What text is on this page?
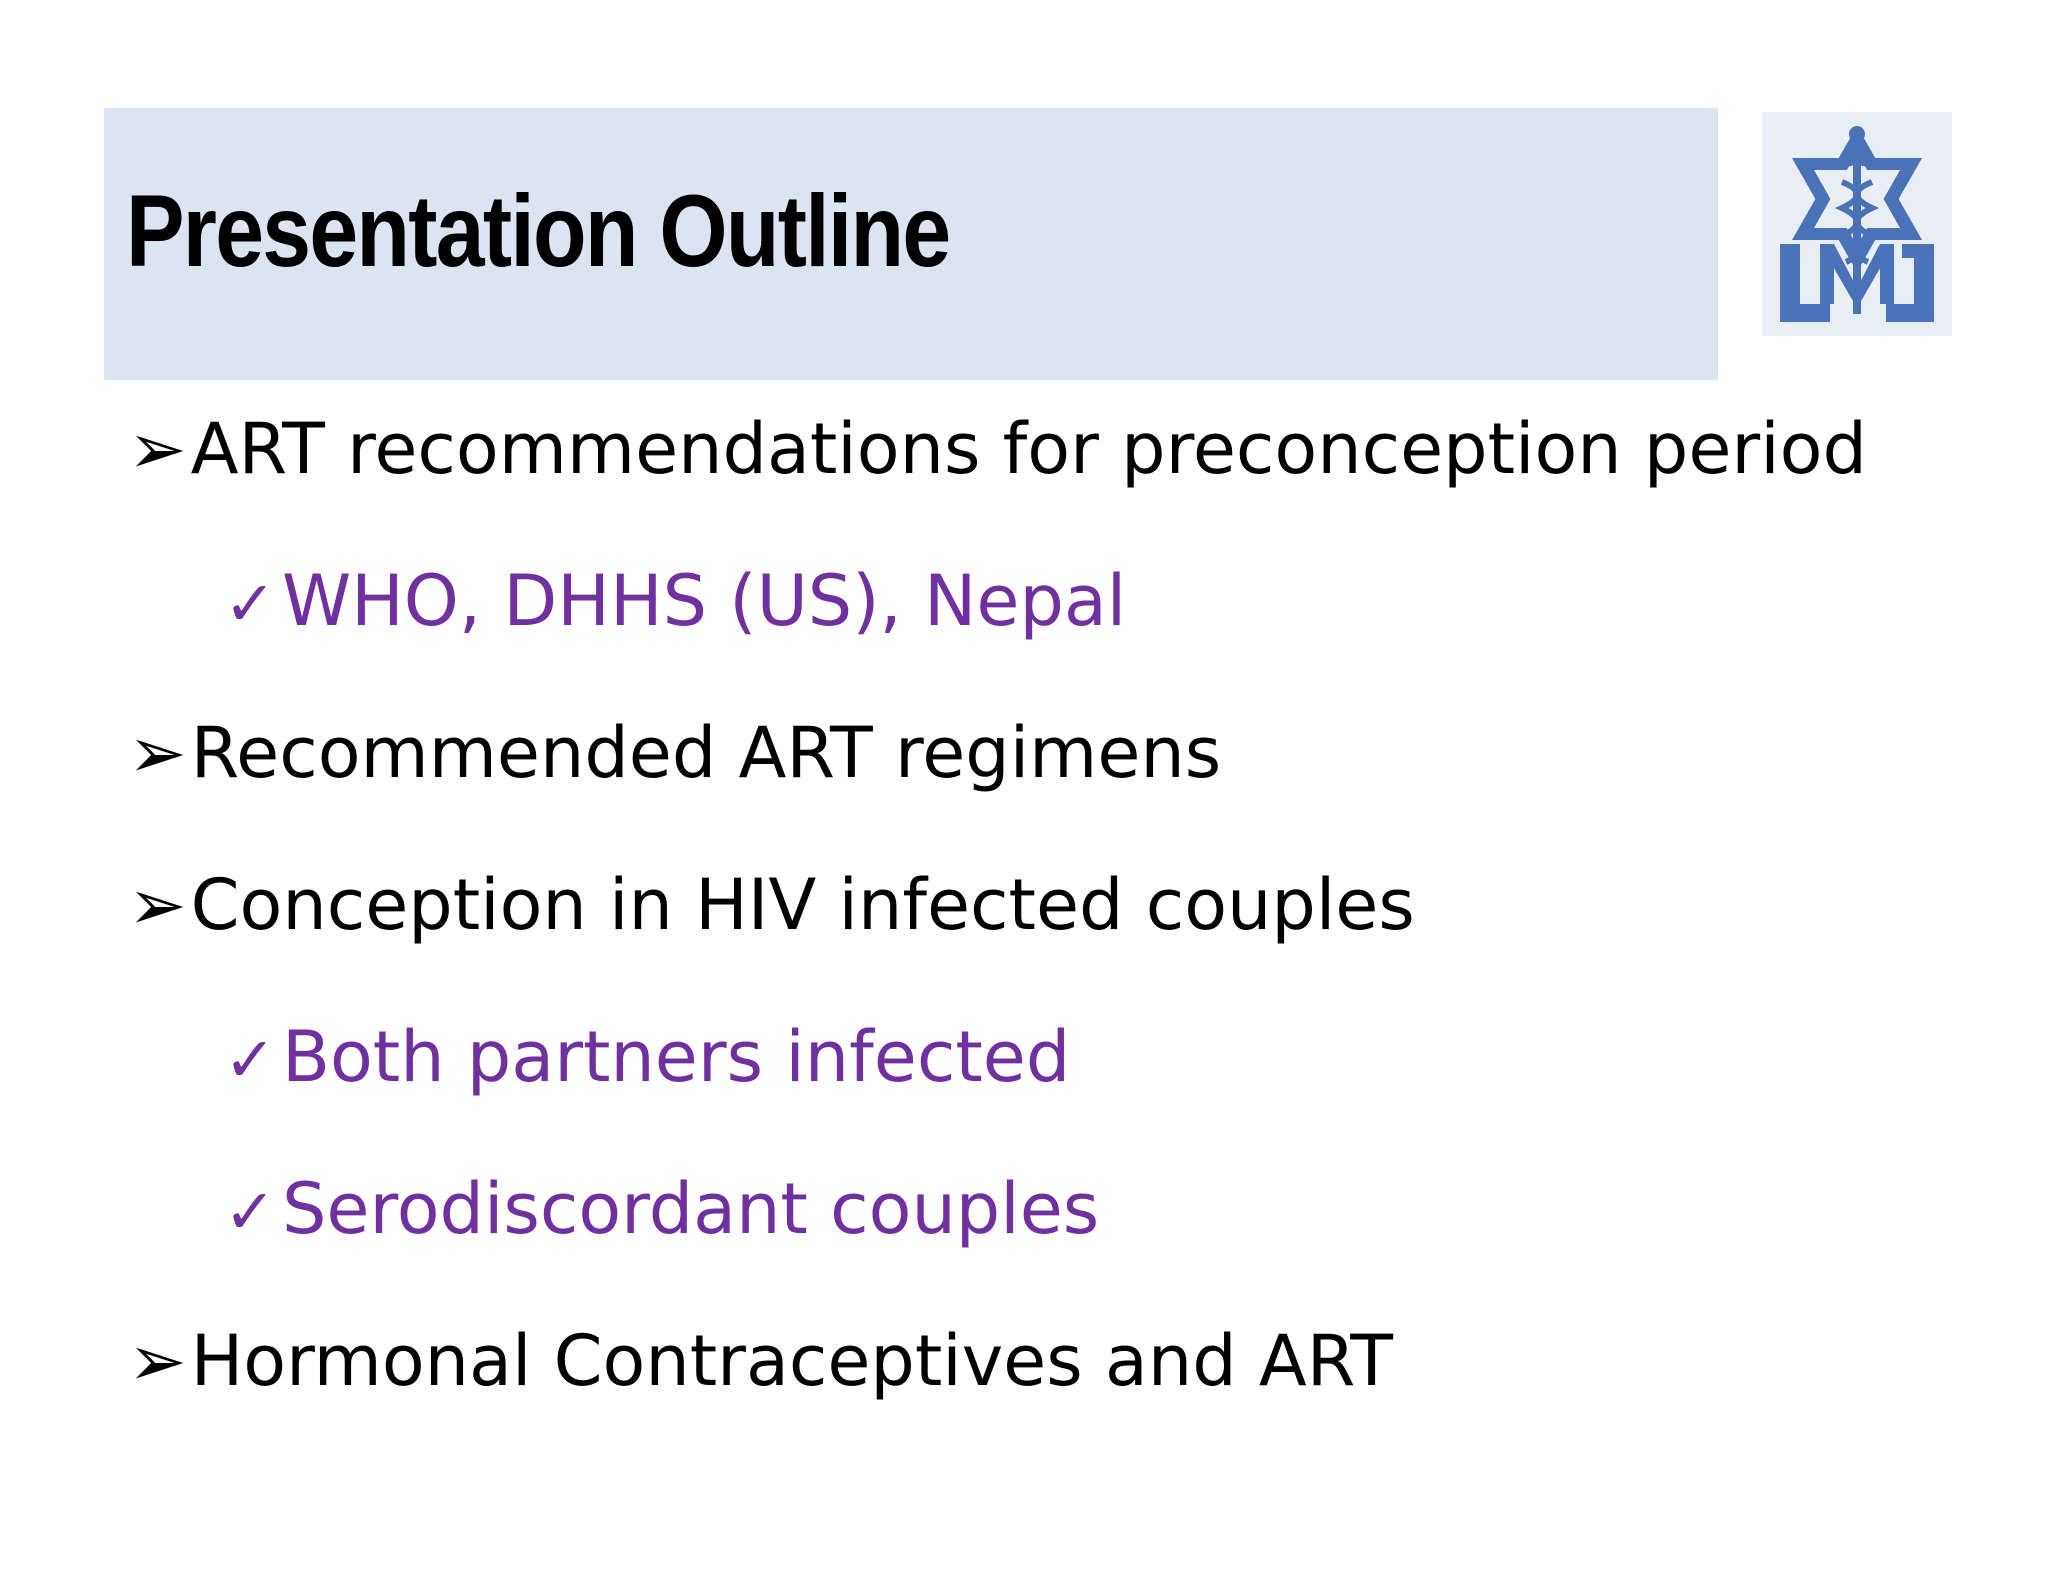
Presentation Outline
➢ART recommendations for preconception period
✓WHO, DHHS (US), Nepal
➢Recommended ART regimens
➢Conception in HIV infected couples
✓Both partners infected
✓Serodiscordant couples
➢Hormonal Contraceptives and ART
